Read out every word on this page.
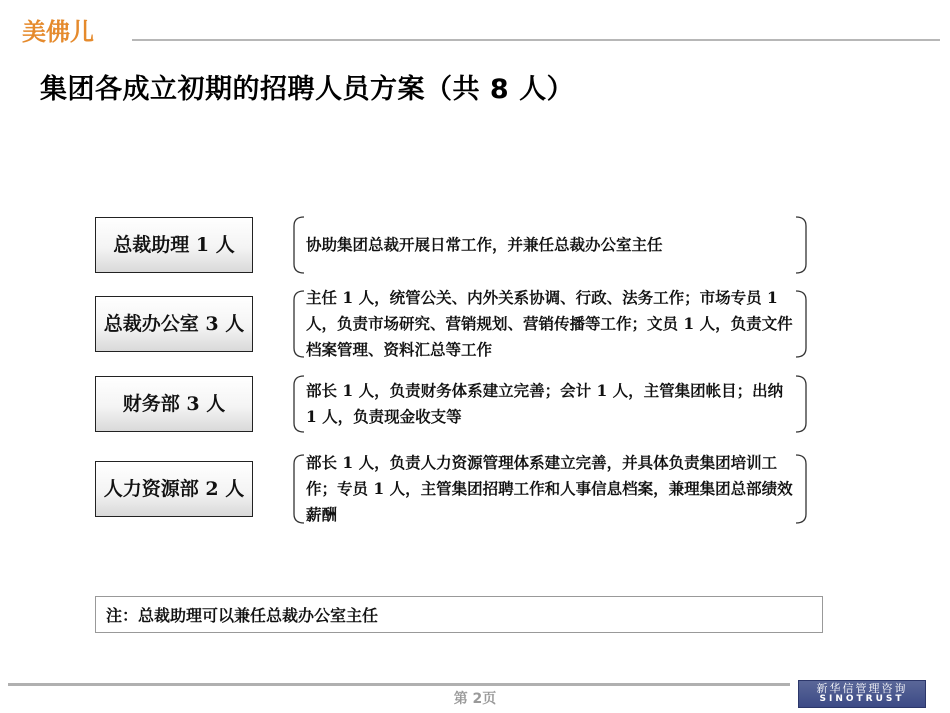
美佛儿
集团各成立初期的招聘人员方案（共 8 人）
总裁助理 1 人	协助集团总裁开展日常工作，并兼任总裁办公室主任
总裁办公室 3 人
主任 1 人，统管公关、内外关系协调、行政、法务工作；市场专员 1 人，负责市场研究、营销规划、营销传播等工作；文员 1 人，负责文件档案管理、资料汇总等工作
财务部 3 人
部长 1 人，负责财务体系建立完善；会计 1 人，主管集团帐目；出纳 1 人，负责现金收支等
人力资源部 2 人
部长 1 人，负责人力资源管理体系建立完善，并具体负责集团培训工作；专员 1 人，主管集团招聘工作和人事信息档案，兼理集团总部绩效薪酬
注：总裁助理可以兼任总裁办公室主任
第 2页
新华信管理咨询
SINOTRUST
